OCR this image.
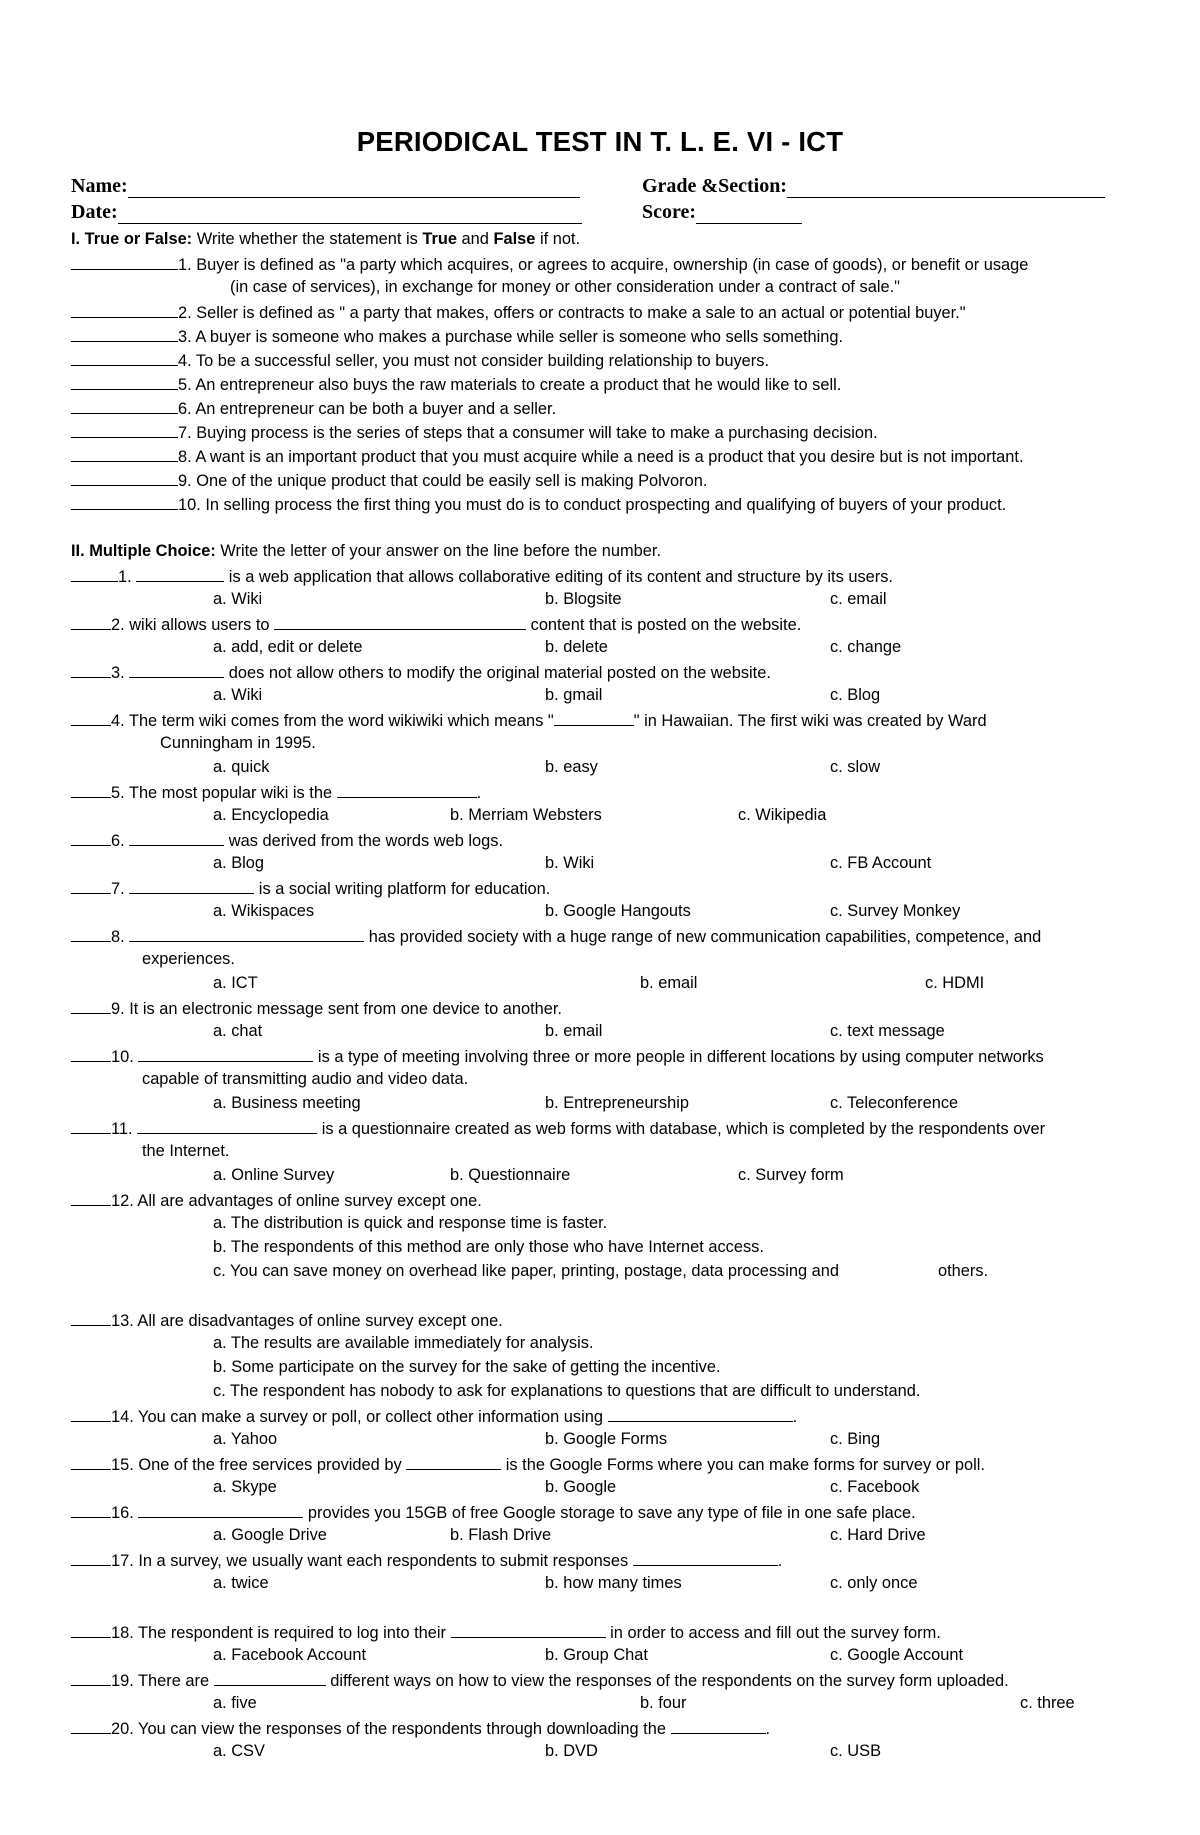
PERIODICAL TEST IN T. L. E. VI - ICT
Name:	Grade &Section:
Date:	Score:
I. True or False: Write whether the statement is True and False if not.
1. Buyer is defined as "a party which acquires, or agrees to acquire, ownership (in case of goods), or benefit or usage
(in case of services), in exchange for money or other consideration under a contract of sale."
2. Seller is defined as " a party that makes, offers or contracts to make a sale to an actual or potential buyer."
3. A buyer is someone who makes a purchase while seller is someone who sells something.
4. To be a successful seller, you must not consider building relationship to buyers.
5. An entrepreneur also buys the raw materials to create a product that he would like to sell.
6. An entrepreneur can be both a buyer and a seller.
7. Buying process is the series of steps that a consumer will take to make a purchasing decision.
8. A want is an important product that you must acquire while a need is a product that you desire but is not important.
9. One of the unique product that could be easily sell is making Polvoron.
10. In selling process the first thing you must do is to conduct prospecting and qualifying of buyers of your product.
II. Multiple Choice: Write the letter of your answer on the line before the number.
1.	is a web application that allows collaborative editing of its content and structure by its users.
a. Wiki	b. Blogsite	c. email
2. wiki allows users to	content that is posted on the website.
a. add, edit or delete	b. delete	c. change
3.	does not allow others to modify the original material posted on the website.
a. Wiki	b. gmail	c. Blog
4. The term wiki comes from the word wikiwiki which means "	" in Hawaiian. The first wiki was created by Ward
Cunningham in 1995.
a. quick	b. easy	c. slow
5. The most popular wiki is the	.
a. Encyclopedia	b. Merriam Websters	c. Wikipedia
6.	was derived from the words web logs.
a. Blog	b. Wiki	c. FB Account
7.	is a social writing platform for education.
a. Wikispaces	b. Google Hangouts	c. Survey Monkey
8.	has provided society with a huge range of new communication capabilities, competence, and
experiences.
a. ICT	b. email	c. HDMI
9. It is an electronic message sent from one device to another.
a. chat	b. email	c. text message
10.	is a type of meeting involving three or more people in different locations by using computer networks
capable of transmitting audio and video data.
a. Business meeting	b. Entrepreneurship	c. Teleconference
11.	is a questionnaire created as web forms with database, which is completed by the respondents over
the Internet.
a. Online Survey	b. Questionnaire	c. Survey form
12. All are advantages of online survey except one.
a. The distribution is quick and response time is faster.
b. The respondents of this method are only those who have Internet access.
c. You can save money on overhead like paper, printing, postage, data processing and	others.
13. All are disadvantages of online survey except one.
a. The results are available immediately for analysis.
b. Some participate on the survey for the sake of getting the incentive.
c. The respondent has nobody to ask for explanations to questions that are difficult to understand.
14. You can make a survey or poll, or collect other information using	.
a. Yahoo	b. Google Forms	c. Bing
15. One of the free services provided by	is the Google Forms where you can make forms for survey or poll.
a. Skype	b. Google	c. Facebook
16.	provides you 15GB of free Google storage to save any type of file in one safe place.
a. Google Drive	b. Flash Drive	c. Hard Drive
17. In a survey, we usually want each respondents to submit responses	.
a. twice	b. how many times	c. only once
18. The respondent is required to log into their	in order to access and fill out the survey form.
a. Facebook Account	b. Group Chat	c. Google Account
19. There are	different ways on how to view the responses of the respondents on the survey form uploaded.
a. five	b. four	c. three
20. You can view the responses of the respondents through downloading the	.
a. CSV	b. DVD	c. USB
